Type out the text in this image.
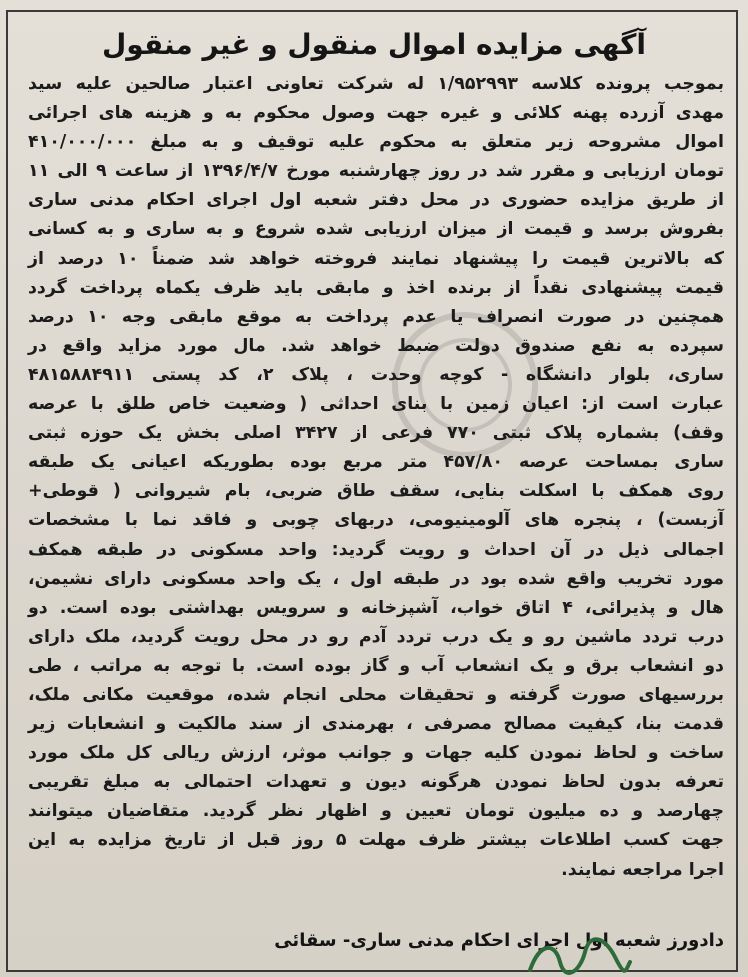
آگهی مزایده اموال منقول و غیر منقول
بموجب پرونده کلاسه ۱/۹۵۲۹۹۳ له شرکت تعاونی اعتبار صالحین علیه سید
مهدی آزرده پهنه کلائی و غیره جهت وصول محکوم به و هزینه های اجرائی
اموال مشروحه زیر متعلق به محکوم علیه توقیف و به مبلغ ۴۱۰/۰۰۰/۰۰۰
تومان ارزیابی و مقرر شد در روز چهارشنبه مورخ ۱۳۹۶/۴/۷ از ساعت ۹ الی ۱۱
از طریق مزایده حضوری در محل دفتر شعبه اول اجرای احکام مدنی ساری
بفروش برسد و قیمت از میزان ارزیابی شده شروع و به ساری و به کسانی
که بالاترین قیمت را پیشنهاد نمایند فروخته خواهد شد ضمناً ۱۰ درصد از
قیمت پیشنهادی نقداً از برنده اخذ و مابقی باید ظرف یکماه پرداخت گردد
همچنین در صورت انصراف یا عدم پرداخت به موقع مابقی وجه ۱۰ درصد
سپرده به نفع صندوق دولت ضبط خواهد شد. مال مورد مزاید واقع در
ساری، بلوار دانشگاه - کوچه وحدت ، پلاک ۲، کد پستی ۴۸۱۵۸۸۴۹۱۱
عبارت است از: اعیان زمین با بنای احداثی ( وضعیت خاص طلق با عرصه
وقف) بشماره پلاک ثبتی ۷۷۰ فرعی از ۳۴۲۷ اصلی بخش یک حوزه ثبتی
ساری بمساحت عرصه ۴۵۷/۸۰ متر مربع بوده بطوریکه اعیانی یک طبقه
روی همکف با اسکلت بنایی، سقف طاق ضربی، بام شیروانی ( قوطی+
آزبست) ، پنجره های آلومینیومی، دربهای چوبی و فاقد نما با مشخصات
اجمالی ذیل در آن احداث و رویت گردید: واحد مسکونی در طبقه همکف
مورد تخریب واقع شده بود در طبقه اول ، یک واحد مسکونی دارای نشیمن،
هال و پذیرائی، ۴ اتاق خواب، آشپزخانه و سرویس بهداشتی بوده است. دو
درب تردد ماشین رو و یک درب تردد آدم رو در محل رویت گردید، ملک دارای
دو انشعاب برق و یک انشعاب آب و گاز بوده است. با توجه به مراتب ، طی
بررسیهای صورت گرفته و تحقیقات محلی انجام شده، موقعیت مکانی ملک،
قدمت بنا، کیفیت مصالح مصرفی ، بهرمندی از سند مالکیت و انشعابات زیر
ساخت و لحاظ نمودن کلیه جهات و جوانب موثر، ارزش ریالی کل ملک مورد
تعرفه بدون لحاظ نمودن هرگونه دیون و تعهدات احتمالی به مبلغ تقریبی
چهارصد و ده میلیون تومان تعیین و اظهار نظر گردید. متقاضیان میتوانند
جهت کسب اطلاعات بیشتر ظرف مهلت ۵ روز قبل از تاریخ مزایده به این
اجرا مراجعه نمایند.
دادورز شعبه اول اجرای احکام مدنی ساری- سقائی
